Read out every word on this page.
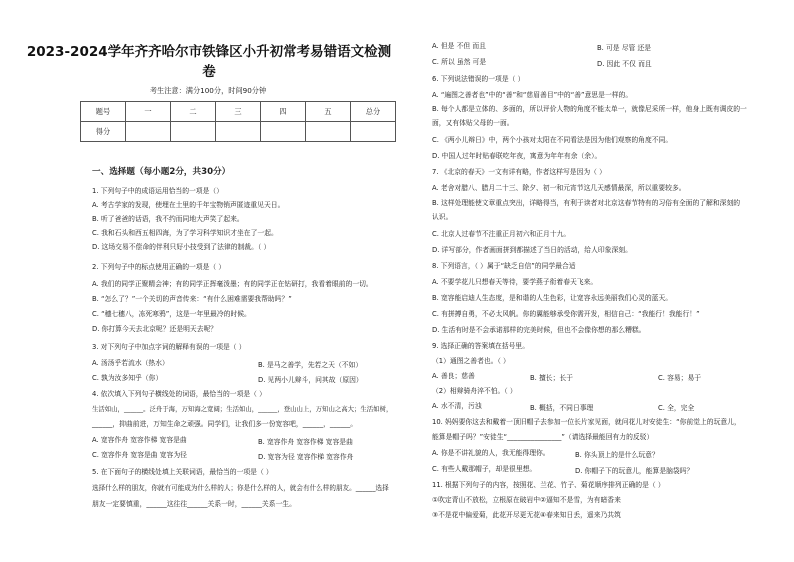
2023-2024学年齐齐哈尔市铁锋区小升初常考易错语文检测
卷
考生注意：满分100分，时间90分钟
题号	一	二	三	四	五	总分
得分						
一、选择题（每小题2分，共30分）
1. 下列句子中的成语运用恰当的一项是（）
A. 考古学家的发现，使埋在土里的千年宝物销声匿迹重见天日。
B. 听了爸爸的话语，我不约而同地大声笑了起来。
C. 我和石头和西五相四海，为了学习科学知识才坐在了一起。
D. 这场交易不偿命的伴利只好小技受到了法律的制裁。（ ）
2. 下列句子中的标点使用正确的一项是（ ）
A. 我们的同学正聚精会神；有的同学正挥毫泼墨；有的同学正在钻研打，我看着眼前的一切。
B. “怎么了？”一个关切的声音传来：“有什么困难需要我帮助吗？”
C. “穗七穗八，冻死寒鸦”，这是一年里最冷的时候。
D. 你打算今天去北京呢？还是明天去呢？
3. 对下列句子中加点字词的解释有误的一项是（ ）
A. 汤汤乎若流水（热水）	B. 是马之善学，先若之天（不如）
C. 孰为汝多知乎（你）	D. 见两小儿辩斗，问其故（原因）
4. 依次填入下列句子横线处的词语，最恰当的一项是（ ）
生活如山，______。泛舟于海，万知海之宽阔；生活如山，______，登山山上，万知山之高大；生活如树，
______，抑曲前进，万知生命之顽强。同学们，让我们多一份宽容吧，______，______。
A. 宽容作舟 宽容作梯 宽容是曲	B. 宽容作舟 宽容作梯 宽容是曲
C. 宽容作舟 宽容是曲 宽容为径	D. 宽容为径 宽容作梯 宽容作舟
5. 在下面句子的横线处填上关联词语，最恰当的一项是（ ）
选择什么样的朋友，你就有可能成为什么样的人；你是什么样的人，就会有什么样的朋友。______选择
朋友一定要慎重，______这往往______关系一时，______关系一生。
A. 但是 不但 而且	B. 可是 尽管 还是
C. 所以 虽然 可是	D. 因此 不仅 而且
6. 下列说法错误的一项是（ ）
A. “遍图之善者也”中的“善”和“慈眉善目”中的“善”意思是一样的。
B. 每个人都是立体的、多面的，所以评价人物的角度不能太单一，就像尼采所一样，他身上既有调皮的一
面，又有体贴父母的一面。
C. 《两小儿辩日》中，两个小孩对太阳在不同看法是因为他们观察的角度不同。
D. 中国人过年时贴春联吃年夜，寓意为年年有余（余）。
7. 《北京的春天》一文有详有略，作者这样写是因为（ ）
A. 老舍对腊八、腊月二十三、除夕、初一和元宵节这几天感情最深，所以重要较多。
B. 这样处理能使文章重点突出，详略得当，有利于读者对北京这春节特有的习俗有全面的了解和深刻的
认识。
C. 北京人过春节不注重正月初六和正月十九。
D. 详写部分，作者画面拼到都描述了当日的活动，给人印象深刻。
8. 下列语言，（ ）属于“缺乏自信”的同学最合适
A. 不要学花儿只想春天等待，要学燕子衔着春天飞来。
B. 宽容能启迪人生态度，是和谐的人生色彩，让宽容永远美丽我们心灵的蓝天。
C. 有拼搏自勇，不必太风帆。你的翼能够承受你需开发，相信自己：“我能行！我能行！”
D. 生活有时是不会承诺那样的完美时候，但也不会像你想的那么糟糕。
9. 选择正确的答案填在括号里。
（1）通图之善者也。（ ）
A. 善良；慈善	B. 擅长；长于	C. 容易；易于
（2）相辩骑舟淬不怕。（ ）
A. 水不清，污浊	B. 概括，不同日事理	C. 全，完全
10. 妈妈要你这去和戴着一顶旧帽子去参加一位长片家见面，就问花儿对安徒生：“你前觉上的玩意儿，
能算是帽子吗？”安徒生“________________”（请选择最能回有力的反驳）
A. 你是不讲礼貌的人，我无能得理你。	B. 你头顶上的是什么玩意？
C. 有些人戴那帽子，却是很里想。	D. 你帽子下的玩意儿，能算是脑袋吗？
11. 根据下列句子的内容，按照花、兰花、竹子、菊花顺序排列正确的是（ ）
①吹定青山不放松，立根原在破岩中②逼知不是雪，为有暗香来
③不是花中偏爱菊，此花开尽更无花④春来知日丢，遥来乃共筑
